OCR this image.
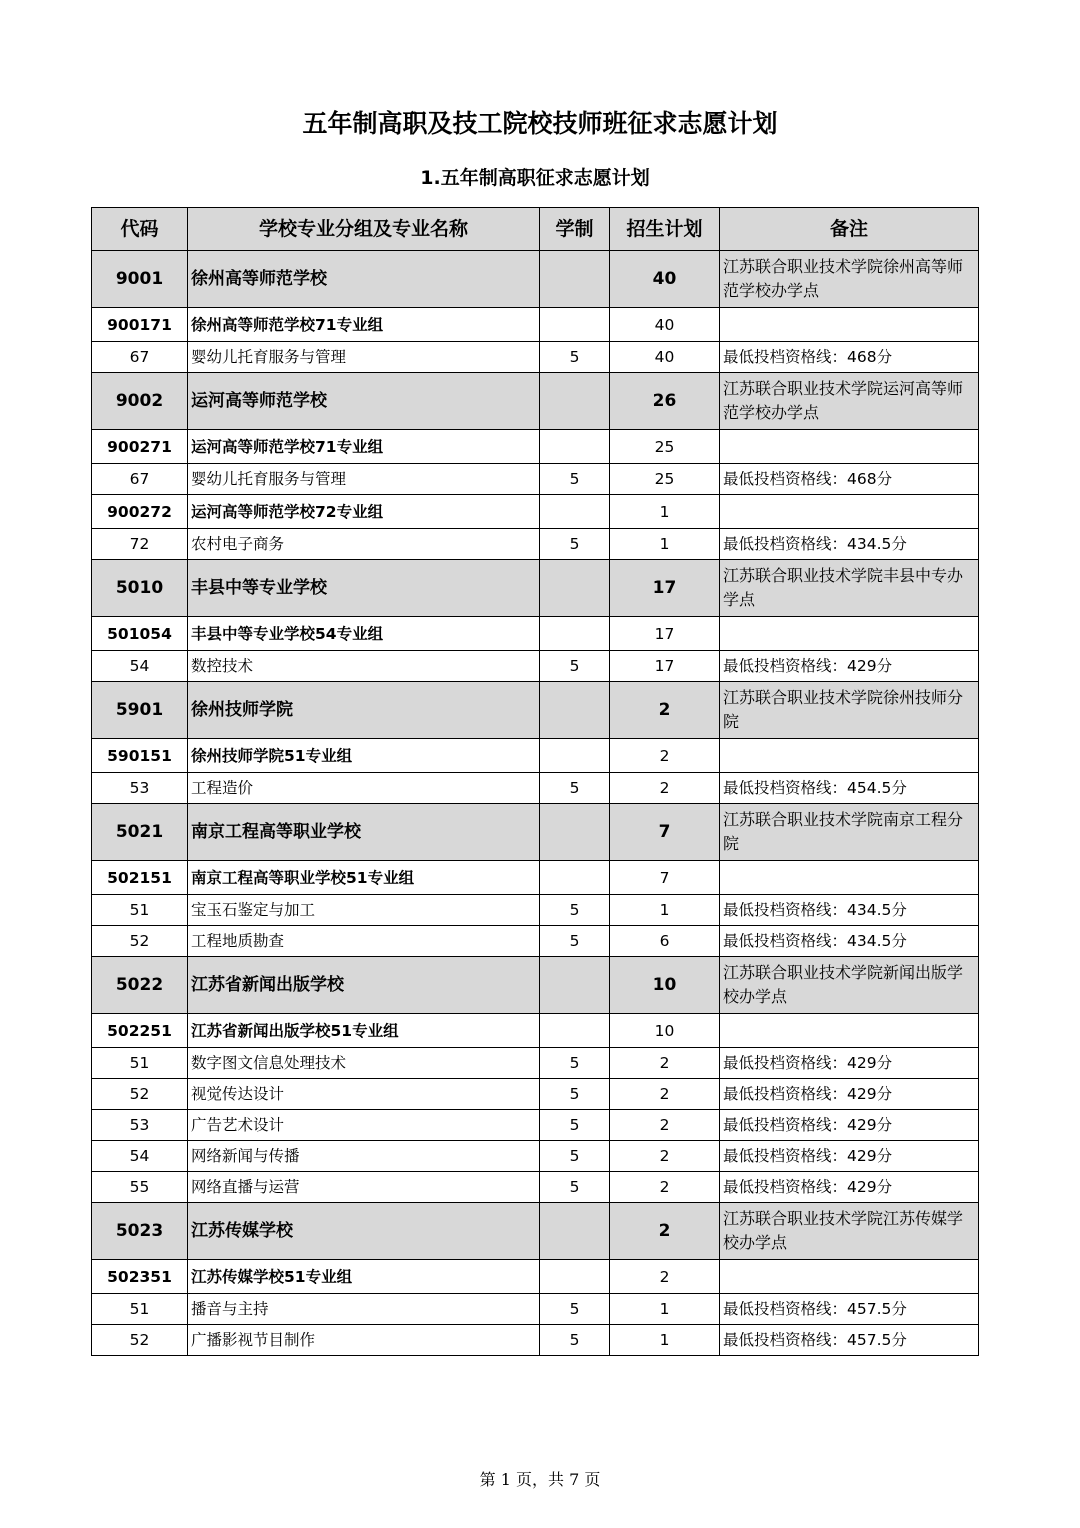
五年制高职及技工院校技师班征求志愿计划
1.五年制高职征求志愿计划
代码	学校专业分组及专业名称	学制	招生计划	备注
9001	徐州高等师范学校		40	江苏联合职业技术学院徐州高等师范学校办学点
900171	徐州高等师范学校71专业组		40	
67	婴幼儿托育服务与管理	5	40	最低投档资格线：468分
9002	运河高等师范学校		26	江苏联合职业技术学院运河高等师范学校办学点
900271	运河高等师范学校71专业组		25	
67	婴幼儿托育服务与管理	5	25	最低投档资格线：468分
900272	运河高等师范学校72专业组		1	
72	农村电子商务	5	1	最低投档资格线：434.5分
5010	丰县中等专业学校		17	江苏联合职业技术学院丰县中专办学点
501054	丰县中等专业学校54专业组		17	
54	数控技术	5	17	最低投档资格线：429分
5901	徐州技师学院		2	江苏联合职业技术学院徐州技师分院
590151	徐州技师学院51专业组		2	
53	工程造价	5	2	最低投档资格线：454.5分
5021	南京工程高等职业学校		7	江苏联合职业技术学院南京工程分院
502151	南京工程高等职业学校51专业组		7	
51	宝玉石鉴定与加工	5	1	最低投档资格线：434.5分
52	工程地质勘查	5	6	最低投档资格线：434.5分
5022	江苏省新闻出版学校		10	江苏联合职业技术学院新闻出版学校办学点
502251	江苏省新闻出版学校51专业组		10	
51	数字图文信息处理技术	5	2	最低投档资格线：429分
52	视觉传达设计	5	2	最低投档资格线：429分
53	广告艺术设计	5	2	最低投档资格线：429分
54	网络新闻与传播	5	2	最低投档资格线：429分
55	网络直播与运营	5	2	最低投档资格线：429分
5023	江苏传媒学校		2	江苏联合职业技术学院江苏传媒学校办学点
502351	江苏传媒学校51专业组		2	
51	播音与主持	5	1	最低投档资格线：457.5分
52	广播影视节目制作	5	1	最低投档资格线：457.5分
第 1 页，共 7 页
